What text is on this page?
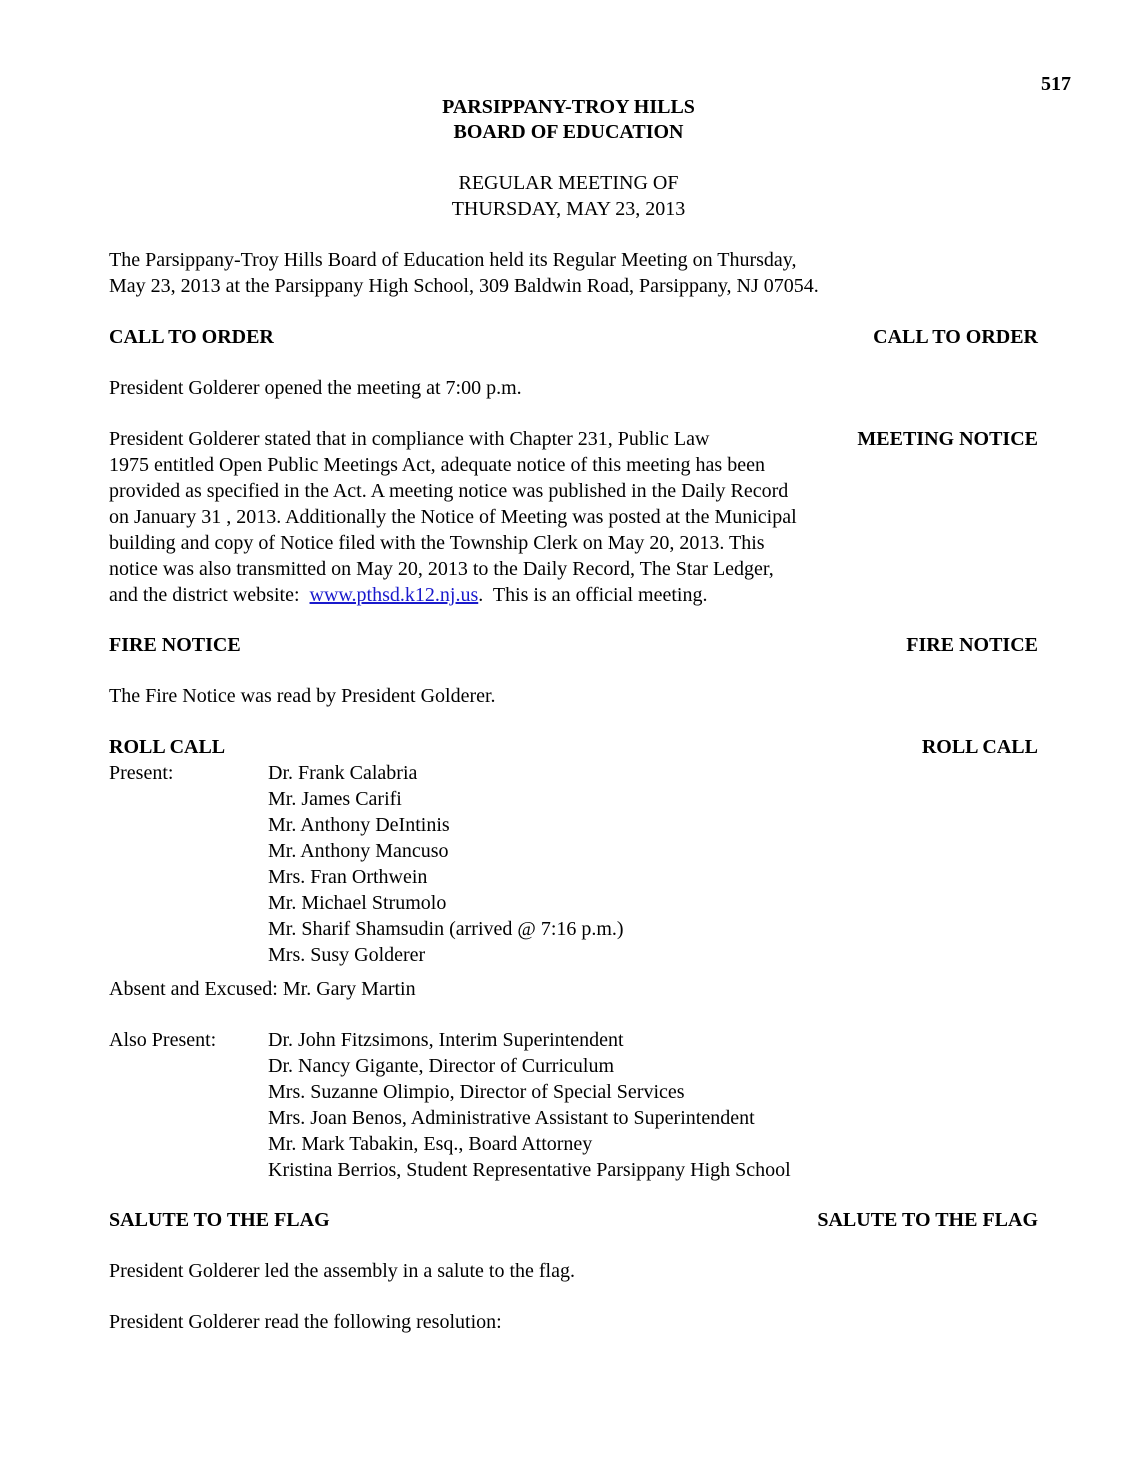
517
PARSIPPANY-TROY HILLS
BOARD OF EDUCATION
REGULAR MEETING OF
THURSDAY, MAY 23, 2013
The Parsippany-Troy Hills Board of Education held its Regular Meeting on Thursday,
May 23, 2013 at the Parsippany High School, 309 Baldwin Road, Parsippany, NJ 07054.
CALL TO ORDER	CALL TO ORDER
President Golderer opened the meeting at 7:00 p.m.
MEETING NOTICE
President Golderer stated that in compliance with Chapter 231, Public Law
1975 entitled Open Public Meetings Act, adequate notice of this meeting has been
provided as specified in the Act. A meeting notice was published in the Daily Record
on January 31 , 2013. Additionally the Notice of Meeting was posted at the Municipal
building and copy of Notice filed with the Township Clerk on May 20, 2013. This
notice was also transmitted on May 20, 2013 to the Daily Record, The Star Ledger,
and the district website:  www.pthsd.k12.nj.us.  This is an official meeting.
FIRE NOTICE	FIRE NOTICE
The Fire Notice was read by President Golderer.
ROLL CALL	ROLL CALL
Present:	Dr. Frank Calabria
Mr. James Carifi
Mr. Anthony DeIntinis
Mr. Anthony Mancuso
Mrs. Fran Orthwein
Mr. Michael Strumolo
Mr. Sharif Shamsudin (arrived @ 7:16 p.m.)
Mrs. Susy Golderer
Absent and Excused: Mr. Gary Martin
Also Present:	Dr. John Fitzsimons, Interim Superintendent
Dr. Nancy Gigante, Director of Curriculum
Mrs. Suzanne Olimpio, Director of Special Services
Mrs. Joan Benos, Administrative Assistant to Superintendent
Mr. Mark Tabakin, Esq., Board Attorney
Kristina Berrios, Student Representative Parsippany High School
SALUTE TO THE FLAG	SALUTE TO THE FLAG
President Golderer led the assembly in a salute to the flag.
President Golderer read the following resolution:
